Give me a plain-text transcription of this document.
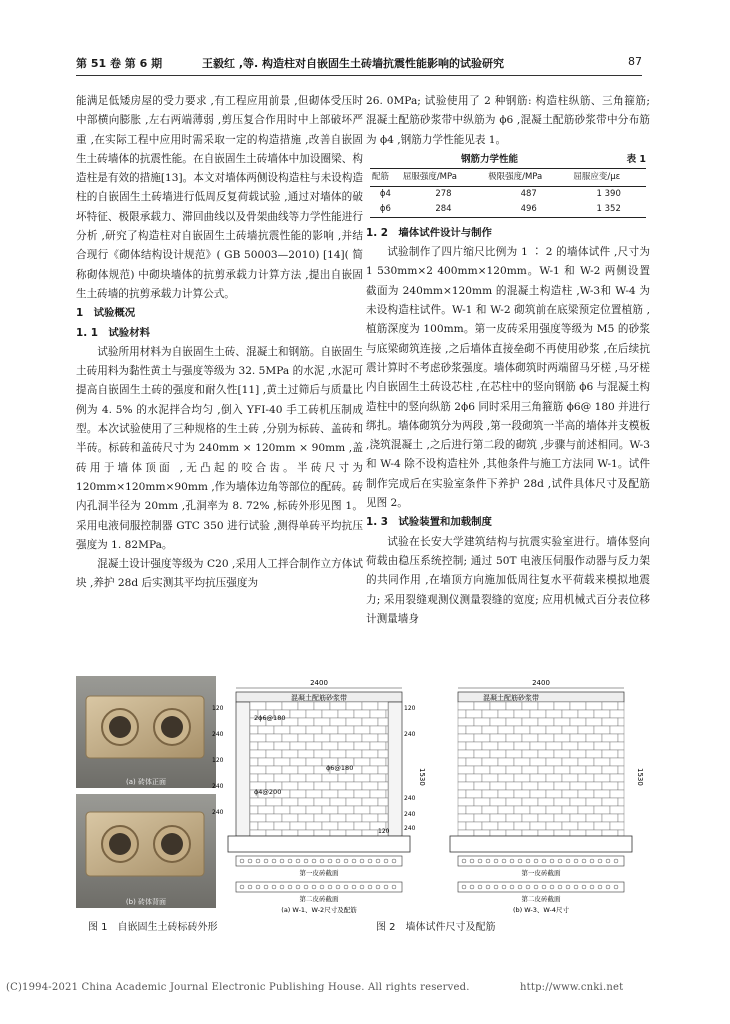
第 51 卷 第 6 期	王毅红 ,等. 构造柱对自嵌固生土砖墙抗震性能影响的试验研究	87

能满足低矮房屋的受力要求 ,有工程应用前景 ,但砌体受压时中部横向膨胀 ,左右两端薄弱 ,剪压复合作用时中上部破坏严重 ,在实际工程中应用时需采取一定的构造措施 ,改善自嵌固生土砖墙体的抗震性能。在自嵌固生土砖墙体中加设圈梁、构造柱是有效的措施[13]。本文对墙体两侧设构造柱与未设构造柱的自嵌固生土砖墙进行低周反复荷载试验 ,通过对墙体的破坏特征、极限承载力、滞回曲线以及骨架曲线等力学性能进行分析 ,研究了构造柱对自嵌固生土砖墙抗震性能的影响 ,并结合现行《砌体结构设计规范》( GB 50003—2010) [14]( 简称砌体规范) 中砌块墙体的抗剪承载力计算方法 ,提出自嵌固生土砖墙的抗剪承载力计算公式。

1　试验概况

1. 1　试验材料

试验所用材料为自嵌固生土砖、混凝土和钢筋。自嵌固生土砖用料为黏性黄土与强度等级为 32. 5MPa 的水泥 ,水泥可提高自嵌固生土砖的强度和耐久性[11] ,黄土过筛后与质量比例为 4. 5% 的水泥拌合均匀 ,倒入 YFI-40 手工砖机压制成型。本次试验使用了三种规格的生土砖 ,分别为标砖、盖砖和半砖。标砖和盖砖尺寸为 240mm × 120mm × 90mm ,盖砖用于墙体顶面 ,无凸起的咬合齿。半砖尺寸为 120mm×120mm×90mm ,作为墙体边角等部位的配砖。砖内孔洞半径为 20mm ,孔洞率为 8. 72% ,标砖外形见图 1。采用电液伺服控制器 GTC 350 进行试验 ,测得单砖平均抗压强度为 1. 82MPa。

混凝土设计强度等级为 C20 ,采用人工拌合制作立方体试块 ,养护 28d 后实测其平均抗压强度为

26. 0MPa; 试验使用了 2 种钢筋: 构造柱纵筋、三角箍筋; 混凝土配筋砂浆带中纵筋为 ϕ6 ,混凝土配筋砂浆带中分布筋为 ϕ4 ,钢筋力学性能见表 1。

钢筋力学性能	表 1
配筋	屈服强度/MPa	极限强度/MPa	屈服应变/με
ϕ4	278	487	1 390
ϕ6	284	496	1 352

1. 2　墙体试件设计与制作

试验制作了四片缩尺比例为 1 ∶ 2 的墙体试件 ,尺寸为 1 530mm×2 400mm×120mm。W-1 和 W-2 两侧设置截面为 240mm×120mm 的混凝土构造柱 ,W-3和 W-4 为未设构造柱试件。W-1 和 W-2 砌筑前在底梁预定位置植筋 ,植筋深度为 100mm。第一皮砖采用强度等级为 M5 的砂浆与底梁砌筑连接 ,之后墙体直接垒砌不再使用砂浆 ,在后续抗震计算时不考虑砂浆强度。墙体砌筑时两端留马牙槎 ,马牙槎内自嵌固生土砖设芯柱 ,在芯柱中的竖向钢筋 ϕ6 与混凝土构造柱中的竖向纵筋 2ϕ6 同时采用三角箍筋 ϕ6@ 180 并进行绑扎。墙体砌筑分为两段 ,第一段砌筑一半高的墙体并支模板 ,浇筑混凝土 ,之后进行第二段的砌筑 ,步骤与前述相同。W-3 和 W-4 除不设构造柱外 ,其他条件与施工方法同 W-1。试件制作完成后在实验室条件下养护 28d ,试件具体尺寸及配筋见图 2。

1. 3　试验装置和加载制度

试验在长安大学建筑结构与抗震实验室进行。墙体竖向荷载由稳压系统控制; 通过 50T 电液压伺服作动器与反力架的共同作用 ,在墙顶方向施加低周往复水平荷载来模拟地震力; 采用裂缝观测仪测量裂缝的宽度; 应用机械式百分表位移计测量墙身

(a) 砖体正面
(b) 砖体背面
图 1　自嵌固生土砖标砖外形
2400
混凝土配筋砂浆带
2ϕ6@180
ϕ6@180
ϕ4@200
120
240
120
240
240
1530
120
240
240
240
240
120
第一皮砖截面
第二皮砖截面
(a) W-1、W-2尺寸及配筋
2400
混凝土配筋砂浆带
1530
第一皮砖截面
第二皮砖截面
(b) W-3、W-4尺寸
图 2　墙体试件尺寸及配筋
(C)1994-2021 China Academic Journal Electronic Publishing House. All rights reserved.	http://www.cnki.net
